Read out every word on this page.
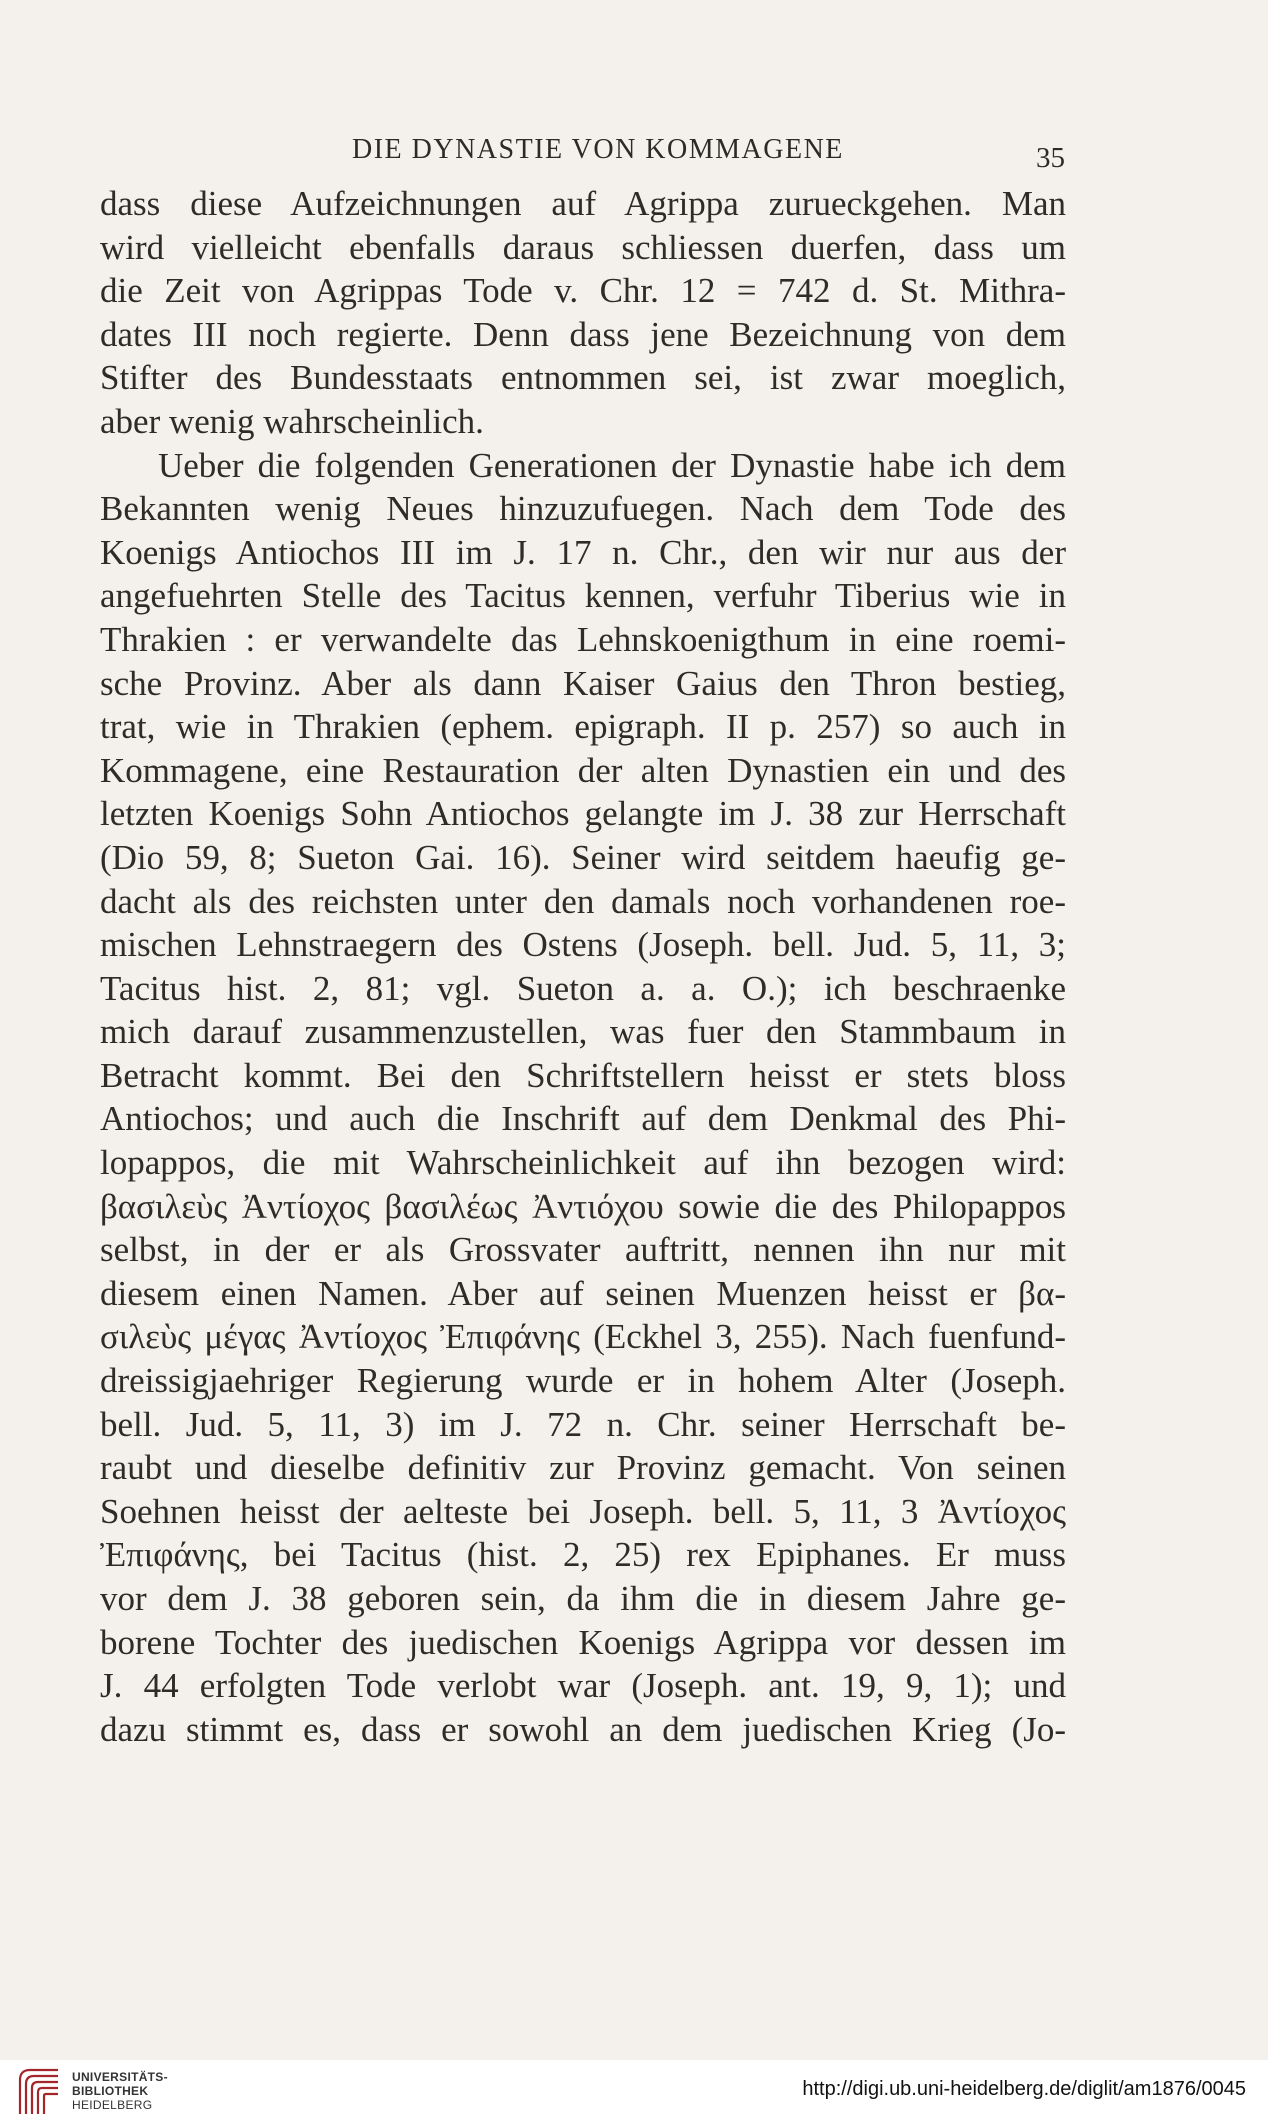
DIE DYNASTIE VON KOMMAGENE	35
dass diese Aufzeichnungen auf Agrippa zurueckgehen. Man
wird vielleicht ebenfalls daraus schliessen duerfen, dass um
die Zeit von Agrippas Tode v. Chr. 12 = 742 d. St. Mithra-
dates III noch regierte. Denn dass jene Bezeichnung von dem
Stifter des Bundesstaats entnommen sei, ist zwar moeglich,
aber wenig wahrscheinlich.
Ueber die folgenden Generationen der Dynastie habe ich dem
Bekannten wenig Neues hinzuzufuegen. Nach dem Tode des
Koenigs Antiochos III im J. 17 n. Chr., den wir nur aus der
angefuehrten Stelle des Tacitus kennen, verfuhr Tiberius wie in
Thrakien : er verwandelte das Lehnskoenigthum in eine roemi-
sche Provinz. Aber als dann Kaiser Gaius den Thron bestieg,
trat, wie in Thrakien (ephem. epigraph. II p. 257) so auch in
Kommagene, eine Restauration der alten Dynastien ein und des
letzten Koenigs Sohn Antiochos gelangte im J. 38 zur Herrschaft
(Dio 59, 8; Sueton Gai. 16). Seiner wird seitdem haeufig ge-
dacht als des reichsten unter den damals noch vorhandenen roe-
mischen Lehnstraegern des Ostens (Joseph. bell. Jud. 5, 11, 3;
Tacitus hist. 2, 81; vgl. Sueton a. a. O.); ich beschraenke
mich darauf zusammenzustellen, was fuer den Stammbaum in
Betracht kommt. Bei den Schriftstellern heisst er stets bloss
Antiochos; und auch die Inschrift auf dem Denkmal des Phi-
lopappos, die mit Wahrscheinlichkeit auf ihn bezogen wird:
βασιλεὺς Ἀντίοχος βασιλέως Ἀντιόχου sowie die des Philopappos
selbst, in der er als Grossvater auftritt, nennen ihn nur mit
diesem einen Namen. Aber auf seinen Muenzen heisst er βα-
σιλεὺς μέγας Ἀντίοχος Ἐπιφάνης (Eckhel 3, 255). Nach fuenfund-
dreissigjaehriger Regierung wurde er in hohem Alter (Joseph.
bell. Jud. 5, 11, 3) im J. 72 n. Chr. seiner Herrschaft be-
raubt und dieselbe definitiv zur Provinz gemacht. Von seinen
Soehnen heisst der aelteste bei Joseph. bell. 5, 11, 3 Ἀντίοχος
Ἐπιφάνης, bei Tacitus (hist. 2, 25) rex Epiphanes. Er muss
vor dem J. 38 geboren sein, da ihm die in diesem Jahre ge-
borene Tochter des juedischen Koenigs Agrippa vor dessen im
J. 44 erfolgten Tode verlobt war (Joseph. ant. 19, 9, 1); und
dazu stimmt es, dass er sowohl an dem juedischen Krieg (Jo-
UNIVERSITÄTS-
BIBLIOTHEK
HEIDELBERG
http://digi.ub.uni-heidelberg.de/diglit/am1876/0045
